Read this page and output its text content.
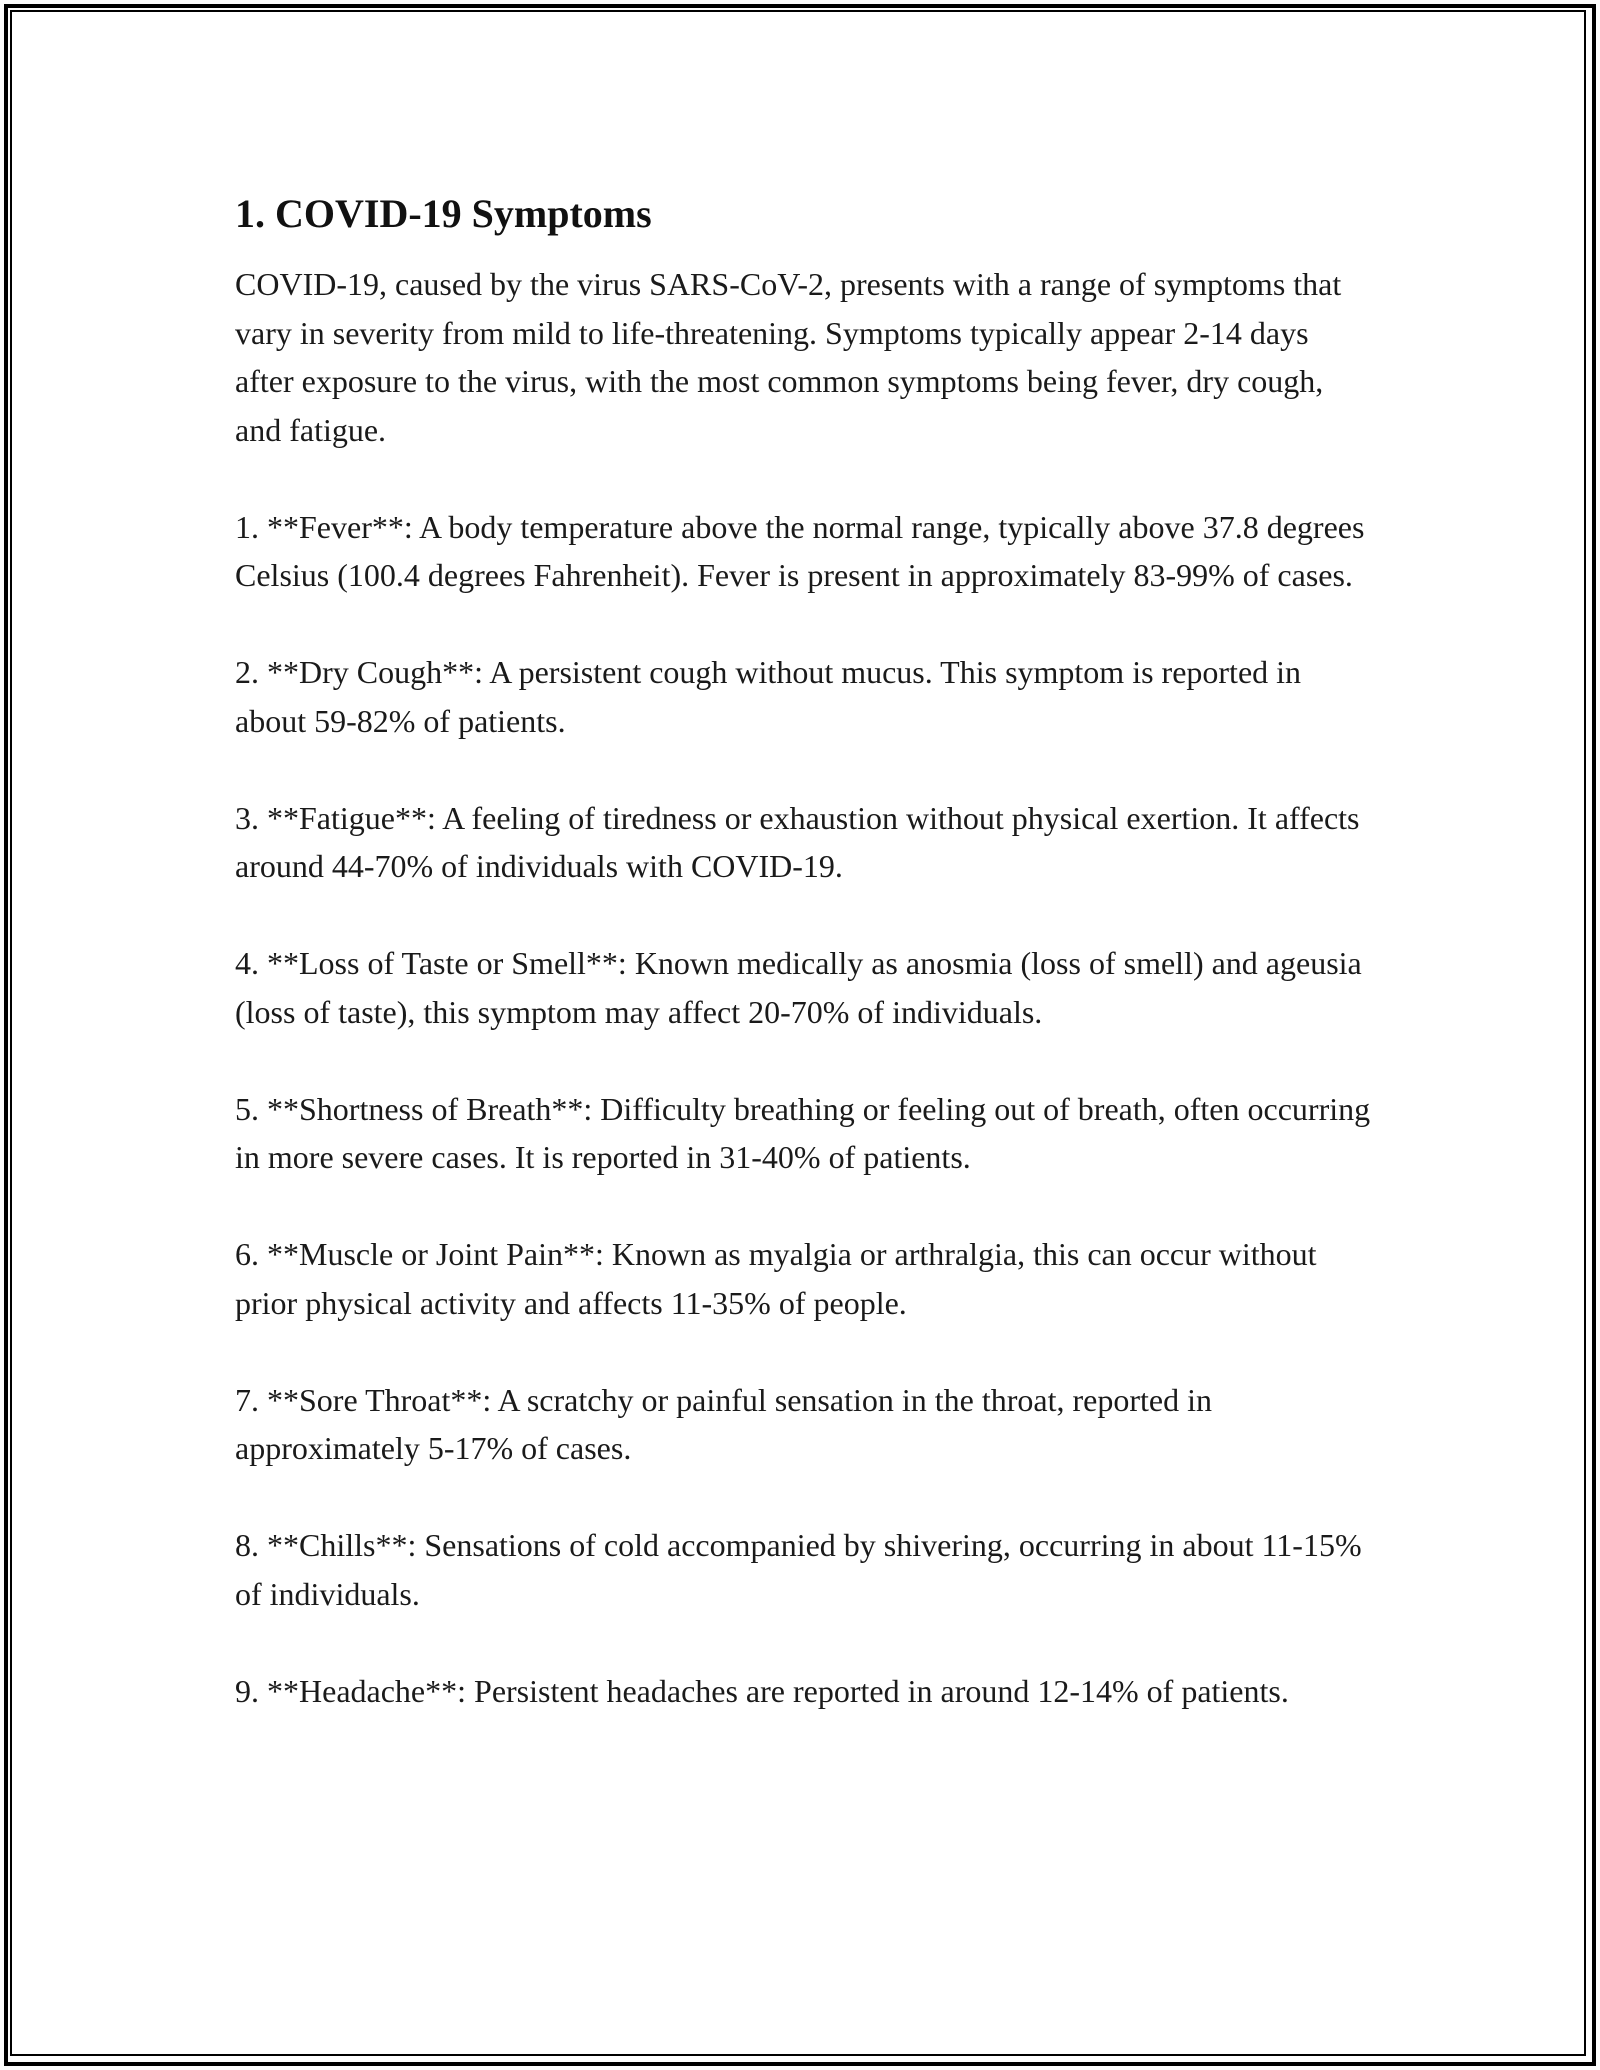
1. COVID-19 Symptoms

COVID-19, caused by the virus SARS-CoV-2, presents with a range of symptoms that vary in severity from mild to life-threatening. Symptoms typically appear 2-14 days after exposure to the virus, with the most common symptoms being fever, dry cough, and fatigue.

1. **Fever**: A body temperature above the normal range, typically above 37.8 degrees Celsius (100.4 degrees Fahrenheit). Fever is present in approximately 83-99% of cases.

2. **Dry Cough**: A persistent cough without mucus. This symptom is reported in about 59-82% of patients.

3. **Fatigue**: A feeling of tiredness or exhaustion without physical exertion. It affects around 44-70% of individuals with COVID-19.

4. **Loss of Taste or Smell**: Known medically as anosmia (loss of smell) and ageusia (loss of taste), this symptom may affect 20-70% of individuals.

5. **Shortness of Breath**: Difficulty breathing or feeling out of breath, often occurring in more severe cases. It is reported in 31-40% of patients.

6. **Muscle or Joint Pain**: Known as myalgia or arthralgia, this can occur without prior physical activity and affects 11-35% of people.

7. **Sore Throat**: A scratchy or painful sensation in the throat, reported in approximately 5-17% of cases.

8. **Chills**: Sensations of cold accompanied by shivering, occurring in about 11-15% of individuals.

9. **Headache**: Persistent headaches are reported in around 12-14% of patients.
